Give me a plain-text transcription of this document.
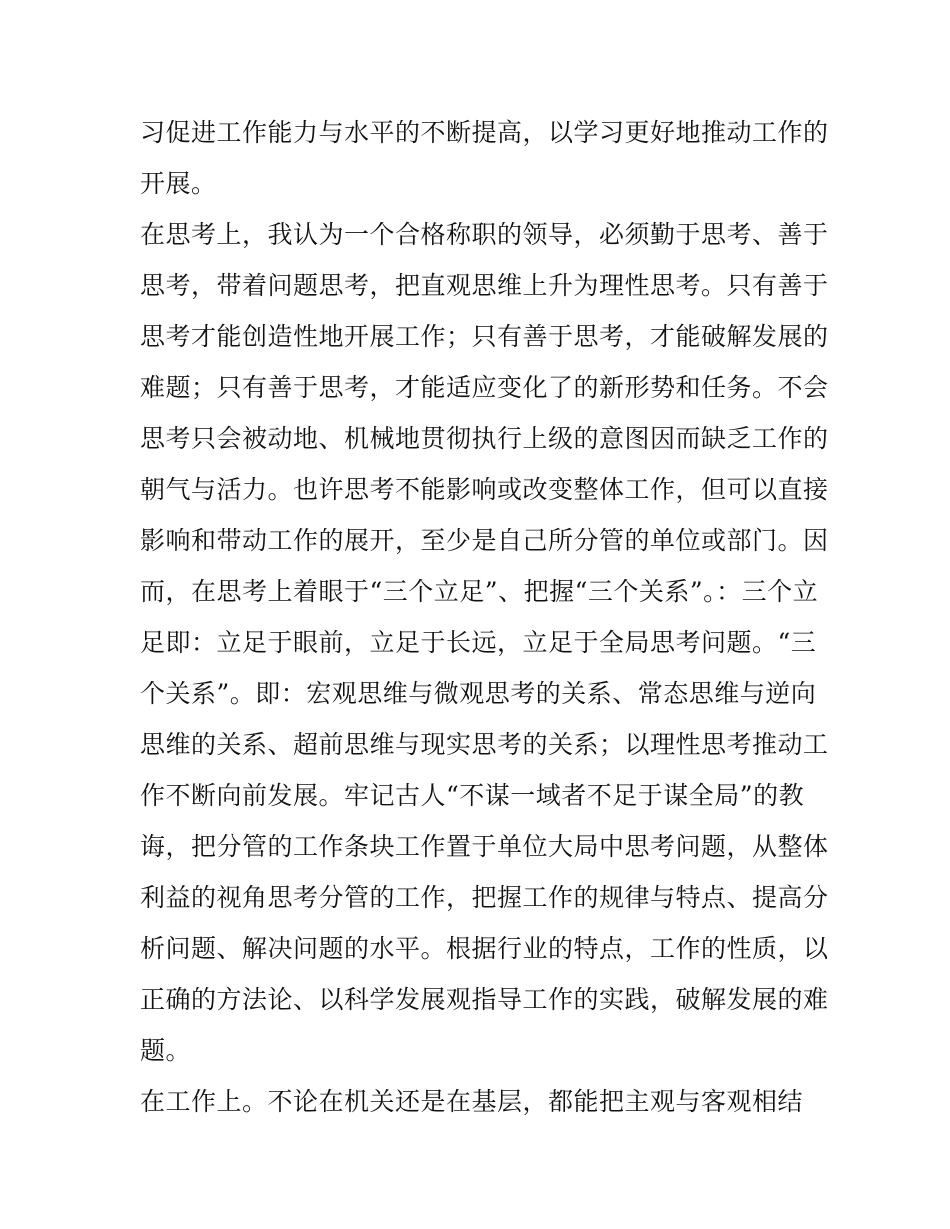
习促进工作能力与水平的不断提高，以学习更好地推动工作的
开展。
在思考上，我认为一个合格称职的领导，必须勤于思考、善于
思考，带着问题思考，把直观思维上升为理性思考。只有善于
思考才能创造性地开展工作；只有善于思考，才能破解发展的
难题；只有善于思考，才能适应变化了的新形势和任务。不会
思考只会被动地、机械地贯彻执行上级的意图因而缺乏工作的
朝气与活力。也许思考不能影响或改变整体工作，但可以直接
影响和带动工作的展开，至少是自己所分管的单位或部门。因
而，在思考上着眼于“三个立足”、把握“三个关系”。：三个立
足即：立足于眼前，立足于长远，立足于全局思考问题。“三
个关系”。即：宏观思维与微观思考的关系、常态思维与逆向
思维的关系、超前思维与现实思考的关系；以理性思考推动工
作不断向前发展。牢记古人“不谋一域者不足于谋全局”的教
诲，把分管的工作条块工作置于单位大局中思考问题，从整体
利益的视角思考分管的工作，把握工作的规律与特点、提高分
析问题、解决问题的水平。根据行业的特点，工作的性质，以
正确的方法论、以科学发展观指导工作的实践，破解发展的难
题。
在工作上。不论在机关还是在基层，都能把主观与客观相结
